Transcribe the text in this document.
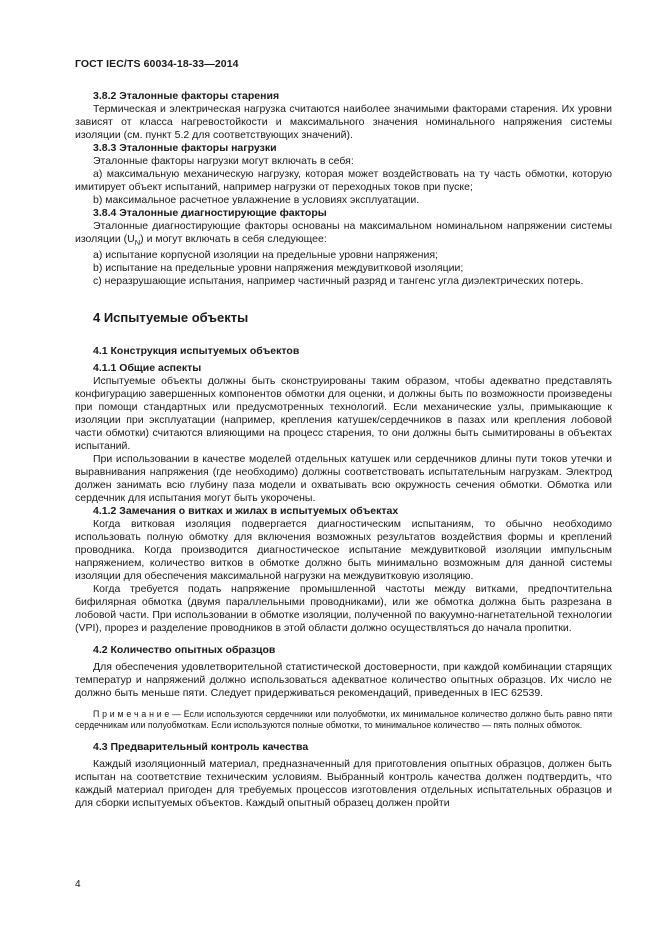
ГОСТ IEC/TS 60034-18-33—2014

3.8.2 Эталонные факторы старения

Термическая и электрическая нагрузка считаются наиболее значимыми факторами старения. Их уровни зависят от класса нагревостойкости и максимального значения номинального напряжения системы изоляции (см. пункт 5.2 для соответствующих значений).

3.8.3 Эталонные факторы нагрузки

Эталонные факторы нагрузки могут включать в себя:

a) максимальную механическую нагрузку, которая может воздействовать на ту часть обмотки, которую имитирует объект испытаний, например нагрузки от переходных токов при пуске;

b) максимальное расчетное увлажнение в условиях эксплуатации.

3.8.4 Эталонные диагностирующие факторы

Эталонные диагностирующие факторы основаны на максимальном номинальном напряжении системы изоляции $(U_N)$ и могут включать в себя следующее:

a) испытание корпусной изоляции на предельные уровни напряжения;

b) испытание на предельные уровни напряжения междувитковой изоляции;

c) неразрушающие испытания, например частичный разряд и тангенс угла диэлектрических потерь.

4 Испытуемые объекты

4.1 Конструкция испытуемых объектов

4.1.1 Общие аспекты

Испытуемые объекты должны быть сконструированы таким образом, чтобы адекватно представлять конфигурацию завершенных компонентов обмотки для оценки, и должны быть по возможности произведены при помощи стандартных или предусмотренных технологий. Если механические узлы, примыкающие к изоляции при эксплуатации (например, крепления катушек/сердечников в пазах или крепления лобовой части обмотки) считаются влияющими на процесс старения, то они должны быть сымитированы в объектах испытаний.

При использовании в качестве моделей отдельных катушек или сердечников длины пути токов утечки и выравнивания напряжения (где необходимо) должны соответствовать испытательным нагрузкам. Электрод должен занимать всю глубину паза модели и охватывать всю окружность сечения обмотки. Обмотка или сердечник для испытания могут быть укорочены.

4.1.2 Замечания о витках и жилах в испытуемых объектах

Когда витковая изоляция подвергается диагностическим испытаниям, то обычно необходимо использовать полную обмотку для включения возможных результатов воздействия формы и креплений проводника. Когда производится диагностическое испытание междувитковой изоляции импульсным напряжением, количество витков в обмотке должно быть минимально возможным для данной системы изоляции для обеспечения максимальной нагрузки на междувитковую изоляцию.

Когда требуется подать напряжение промышленной частоты между витками, предпочтительна бифилярная обмотка (двумя параллельными проводниками), или же обмотка должна быть разрезана в лобовой части. При использовании в обмотке изоляции, полученной по вакуумно-нагнетательной технологии (VPI), прорез и разделение проводников в этой области должно осуществляться до начала пропитки.

4.2 Количество опытных образцов

Для обеспечения удовлетворительной статистической достоверности, при каждой комбинации старящих температур и напряжений должно использоваться адекватное количество опытных образцов. Их число не должно быть меньше пяти. Следует придерживаться рекомендаций, приведенных в IEC 62539.

П р и м е ч а н и е — Если используются сердечники или полуобмотки, их минимальное количество должно быть равно пяти сердечникам или полуобмоткам. Если используются полные обмотки, то минимальное количество — пять полных обмоток.

4.3 Предварительный контроль качества

Каждый изоляционный материал, предназначенный для приготовления опытных образцов, должен быть испытан на соответствие техническим условиям. Выбранный контроль качества должен подтвердить, что каждый материал пригоден для требуемых процессов изготовления отдельных испытательных образцов и для сборки испытуемых объектов. Каждый опытный образец должен пройти

4
